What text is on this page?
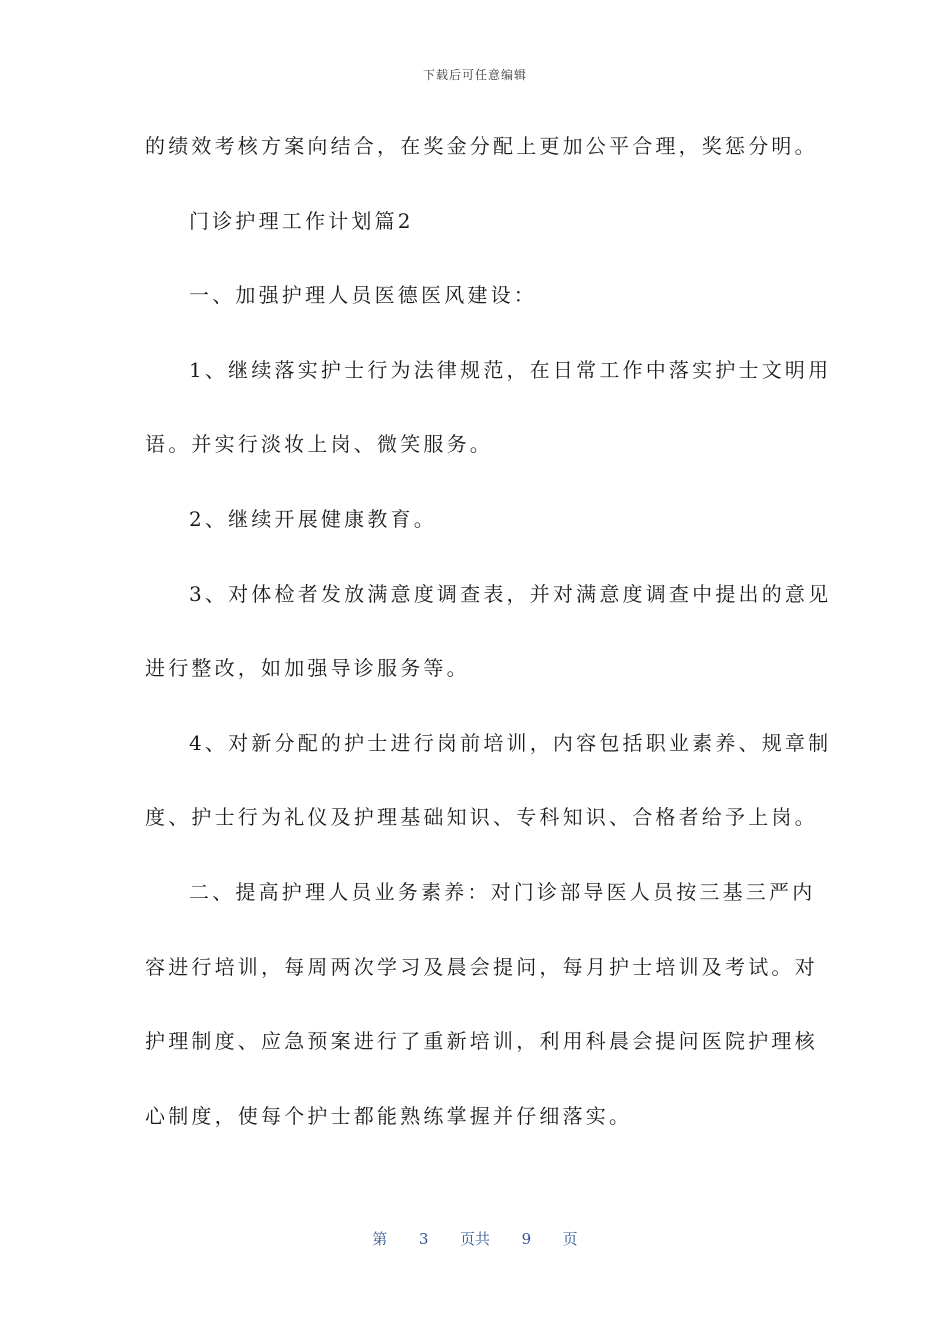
下载后可任意编辑
的绩效考核方案向结合，在奖金分配上更加公平合理，奖惩分明。
门诊护理工作计划篇2
一、加强护理人员医德医风建设：
1、继续落实护士行为法律规范，在日常工作中落实护士文明用
语。并实行淡妆上岗、微笑服务。
2、继续开展健康教育。
3、对体检者发放满意度调查表，并对满意度调查中提出的意见
进行整改，如加强导诊服务等。
4、对新分配的护士进行岗前培训，内容包括职业素养、规章制
度、护士行为礼仪及护理基础知识、专科知识、合格者给予上岗。
二、提高护理人员业务素养：对门诊部导医人员按三基三严内
容进行培训，每周两次学习及晨会提问，每月护士培训及考试。对
护理制度、应急预案进行了重新培训，利用科晨会提问医院护理核
心制度，使每个护士都能熟练掌握并仔细落实。
第 3 页共 9 页
